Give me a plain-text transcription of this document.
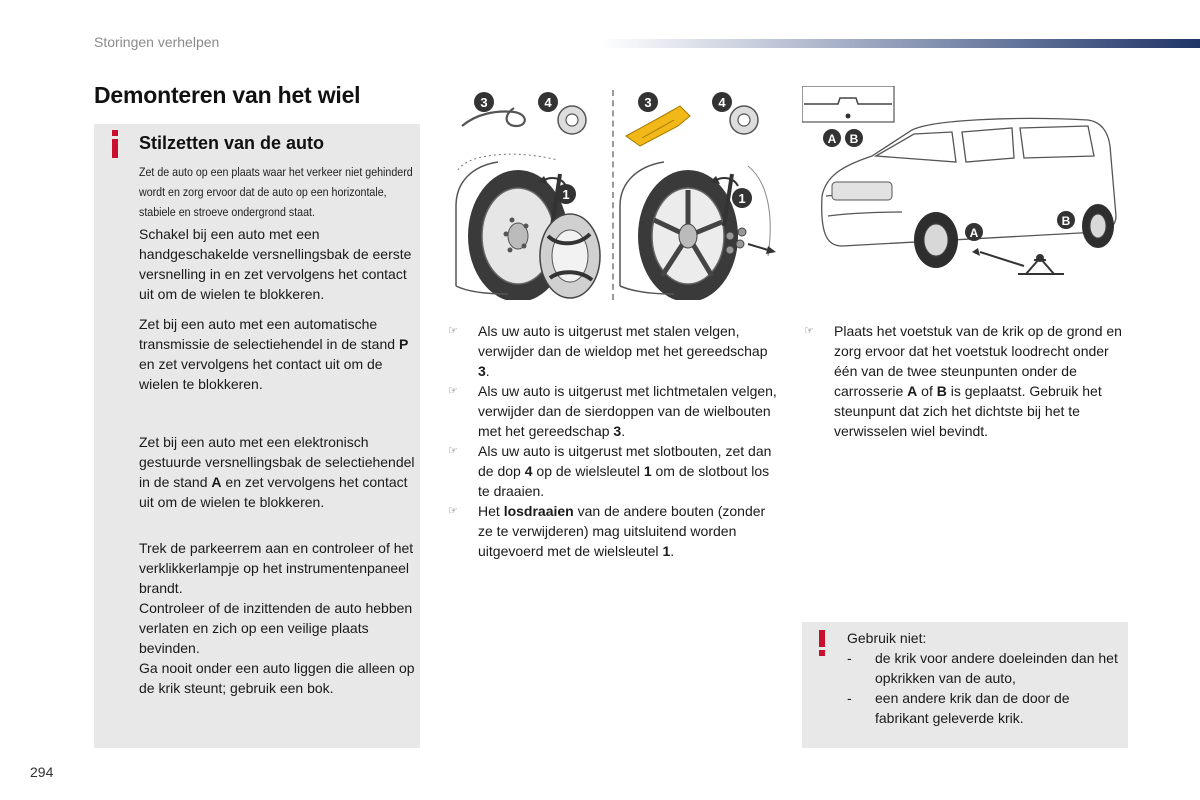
Storingen verhelpen
Demonteren van het wiel
Stilzetten van de auto
Zet de auto op een plaats waar het verkeer niet gehinderd wordt en zorg ervoor dat de auto op een horizontale, stabiele en stroeve ondergrond staat.
Schakel bij een auto met een handgeschakelde versnellingsbak de eerste versnelling in en zet vervolgens het contact uit om de wielen te blokkeren.
Zet bij een auto met een automatische transmissie de selectiehendel in de stand P en zet vervolgens het contact uit om de wielen te blokkeren.
Zet bij een auto met een elektronisch gestuurde versnellingsbak de selectiehendel in de stand A en zet vervolgens het contact uit om de wielen te blokkeren.
Trek de parkeerrem aan en controleer of het verklikkerlampje op het instrumentenpaneel brandt.
Controleer of de inzittenden de auto hebben verlaten en zich op een veilige plaats bevinden.
Ga nooit onder een auto liggen die alleen op de krik steunt; gebruik een bok.
3	4
1
3	4
1
A B
A
B
☞ Als uw auto is uitgerust met stalen velgen, verwijder dan de wieldop met het gereedschap 3.
☞ Als uw auto is uitgerust met lichtmetalen velgen, verwijder dan de sierdoppen van de wielbouten met het gereedschap 3.
☞ Als uw auto is uitgerust met slotbouten, zet dan de dop 4 op de wielsleutel 1 om de slotbout los te draaien.
☞ Het losdraaien van de andere bouten (zonder ze te verwijderen) mag uitsluitend worden uitgevoerd met de wielsleutel 1.
☞ Plaats het voetstuk van de krik op de grond en zorg ervoor dat het voetstuk loodrecht onder één van de twee steunpunten onder de carrosserie A of B is geplaatst. Gebruik het steunpunt dat zich het dichtste bij het te verwisselen wiel bevindt.
Gebruik niet:
- de krik voor andere doeleinden dan het opkrikken van de auto,
- een andere krik dan de door de fabrikant geleverde krik.
294
